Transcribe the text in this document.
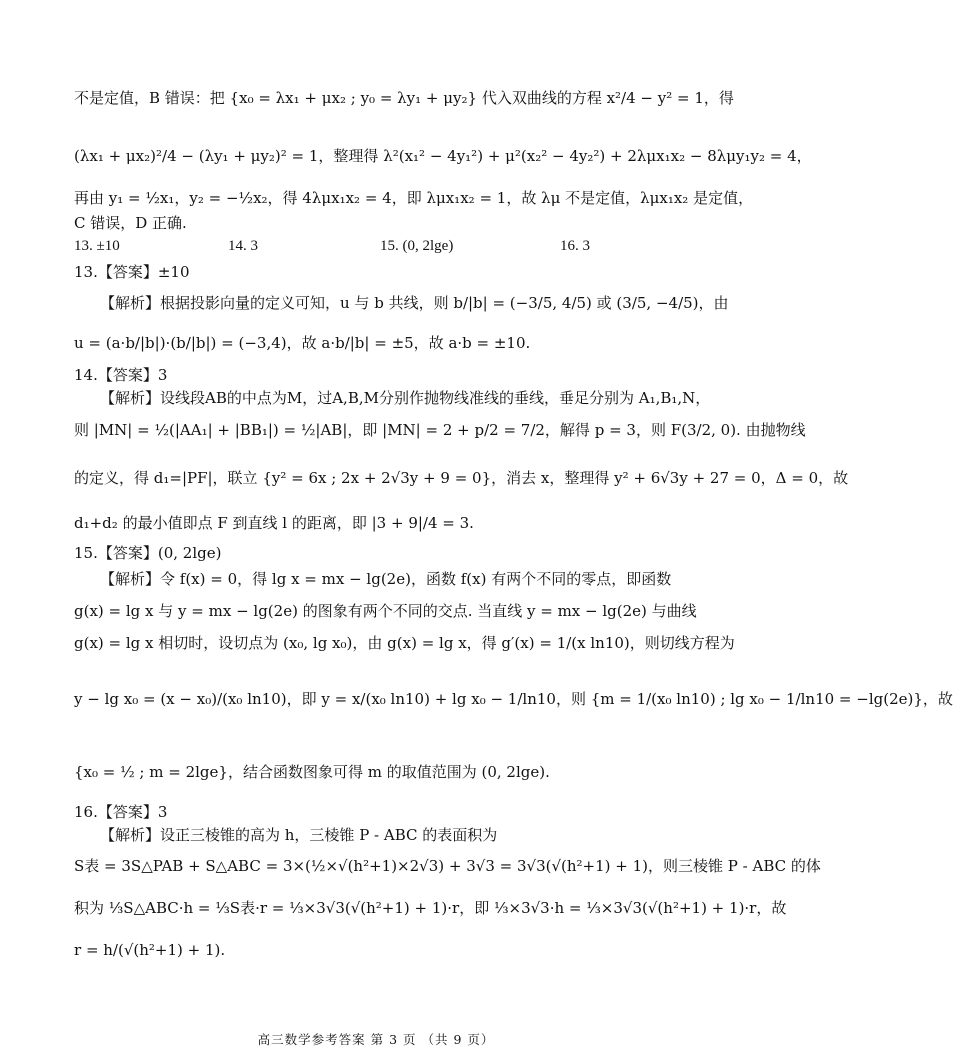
不是定值，B 错误：把 {x₀ = λx₁ + μx₂ ; y₀ = λy₁ + μy₂} 代入双曲线的方程 x²/4 − y² = 1，得
(λx₁ + μx₂)²/4 − (λy₁ + μy₂)² = 1，整理得 λ²(x₁² − 4y₁²) + μ²(x₂² − 4y₂²) + 2λμx₁x₂ − 8λμy₁y₂ = 4，
再由 y₁ = ½x₁，y₂ = −½x₂，得 4λμx₁x₂ = 4，即 λμx₁x₂ = 1，故 λμ 不是定值，λμx₁x₂ 是定值，
C 错误，D 正确.
13. ±10	14. 3	15. (0, 2lge)	16. 3
13.【答案】±10
【解析】根据投影向量的定义可知，u 与 b 共线，则 b/|b| = (−3/5, 4/5) 或 (3/5, −4/5)，由
u = (a·b/|b|)·(b/|b|) = (−3,4)，故 a·b/|b| = ±5，故 a·b = ±10.
14.【答案】3
【解析】设线段AB的中点为M，过A,B,M分别作抛物线准线的垂线，垂足分别为 A₁,B₁,N，
则 |MN| = ½(|AA₁| + |BB₁|) = ½|AB|，即 |MN| = 2 + p/2 = 7/2，解得 p = 3，则 F(3/2, 0). 由抛物线
的定义，得 d₁=|PF|，联立 {y² = 6x ; 2x + 2√3y + 9 = 0}，消去 x，整理得 y² + 6√3y + 27 = 0，Δ = 0，故
d₁+d₂ 的最小值即点 F 到直线 l 的距离，即 |3 + 9|/4 = 3.
15.【答案】(0, 2lge)
【解析】令 f(x) = 0，得 lg x = mx − lg(2e)，函数 f(x) 有两个不同的零点，即函数
g(x) = lg x 与 y = mx − lg(2e) 的图象有两个不同的交点. 当直线 y = mx − lg(2e) 与曲线
g(x) = lg x 相切时，设切点为 (x₀, lg x₀)，由 g(x) = lg x，得 g′(x) = 1/(x ln10)，则切线方程为
y − lg x₀ = (x − x₀)/(x₀ ln10)，即 y = x/(x₀ ln10) + lg x₀ − 1/ln10，则 {m = 1/(x₀ ln10) ; lg x₀ − 1/ln10 = −lg(2e)}，故
{x₀ = ½ ; m = 2lge}，结合函数图象可得 m 的取值范围为 (0, 2lge).
16.【答案】3
【解析】设正三棱锥的高为 h，三棱锥 P - ABC 的表面积为
S表 = 3S△PAB + S△ABC = 3×(½×√(h²+1)×2√3) + 3√3 = 3√3(√(h²+1) + 1)，则三棱锥 P - ABC 的体
积为 ⅓S△ABC·h = ⅓S表·r = ⅓×3√3(√(h²+1) + 1)·r，即 ⅓×3√3·h = ⅓×3√3(√(h²+1) + 1)·r，故
r = h/(√(h²+1) + 1).
高三数学参考答案 第 3 页 （共 9 页）
